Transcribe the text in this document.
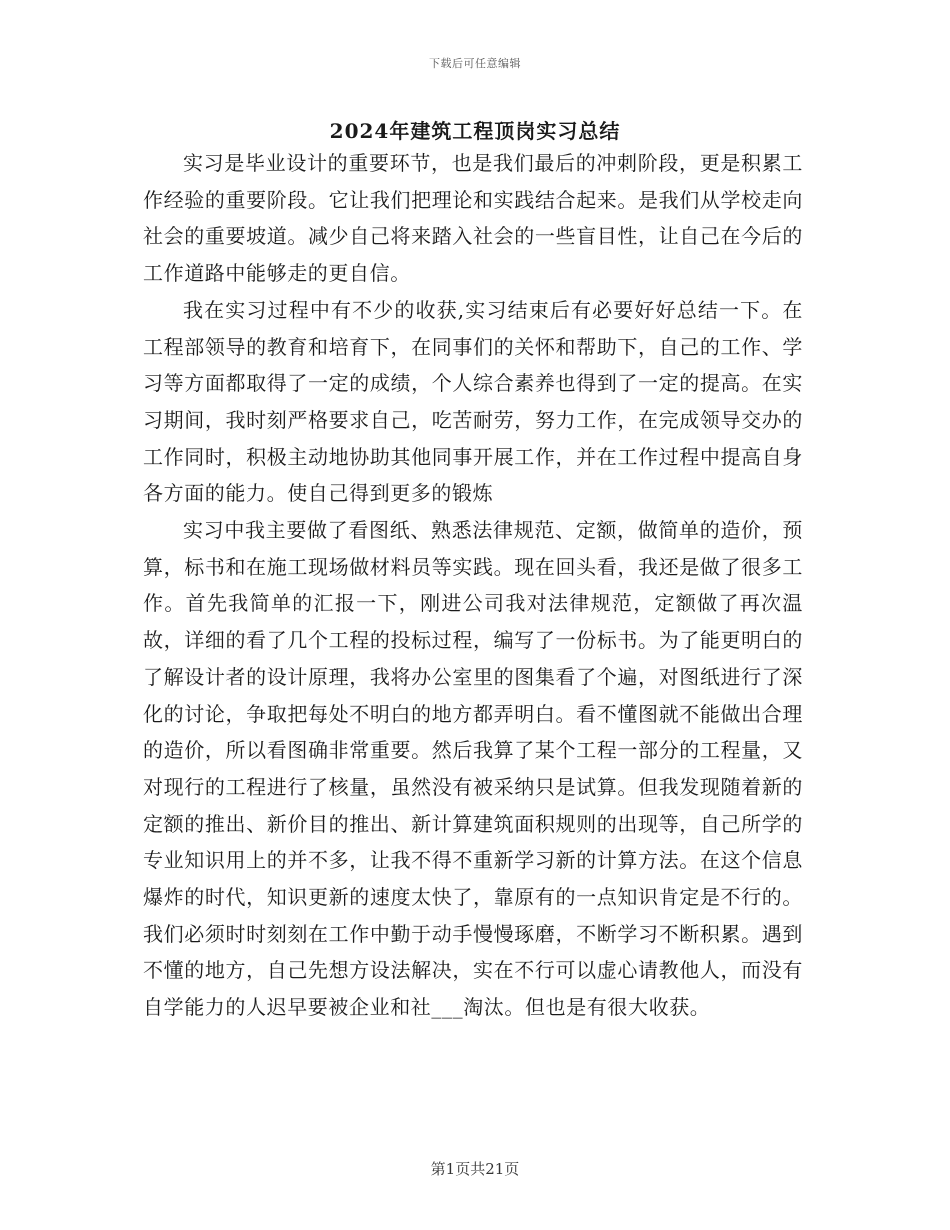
下载后可任意编辑
2024年建筑工程顶岗实习总结

实习是毕业设计的重要环节，也是我们最后的冲刺阶段，更是积累工作经验的重要阶段。它让我们把理论和实践结合起来。是我们从学校走向社会的重要坡道。减少自己将来踏入社会的一些盲目性，让自己在今后的工作道路中能够走的更自信。

我在实习过程中有不少的收获,实习结束后有必要好好总结一下。在工程部领导的教育和培育下，在同事们的关怀和帮助下，自己的工作、学习等方面都取得了一定的成绩，个人综合素养也得到了一定的提高。在实习期间，我时刻严格要求自己，吃苦耐劳，努力工作，在完成领导交办的工作同时，积极主动地协助其他同事开展工作，并在工作过程中提高自身各方面的能力。使自己得到更多的锻炼

实习中我主要做了看图纸、熟悉法律规范、定额，做简单的造价，预算，标书和在施工现场做材料员等实践。现在回头看，我还是做了很多工作。首先我简单的汇报一下，刚进公司我对法律规范，定额做了再次温故，详细的看了几个工程的投标过程，编写了一份标书。为了能更明白的了解设计者的设计原理，我将办公室里的图集看了个遍，对图纸进行了深化的讨论，争取把每处不明白的地方都弄明白。看不懂图就不能做出合理的造价，所以看图确非常重要。然后我算了某个工程一部分的工程量，又对现行的工程进行了核量，虽然没有被采纳只是试算。但我发现随着新的定额的推出、新价目的推出、新计算建筑面积规则的出现等，自己所学的专业知识用上的并不多，让我不得不重新学习新的计算方法。在这个信息爆炸的时代，知识更新的速度太快了，靠原有的一点知识肯定是不行的。我们必须时时刻刻在工作中勤于动手慢慢琢磨，不断学习不断积累。遇到不懂的地方，自己先想方设法解决，实在不行可以虚心请教他人，而没有自学能力的人迟早要被企业和社___淘汰。但也是有很大收获。

第1页共21页
